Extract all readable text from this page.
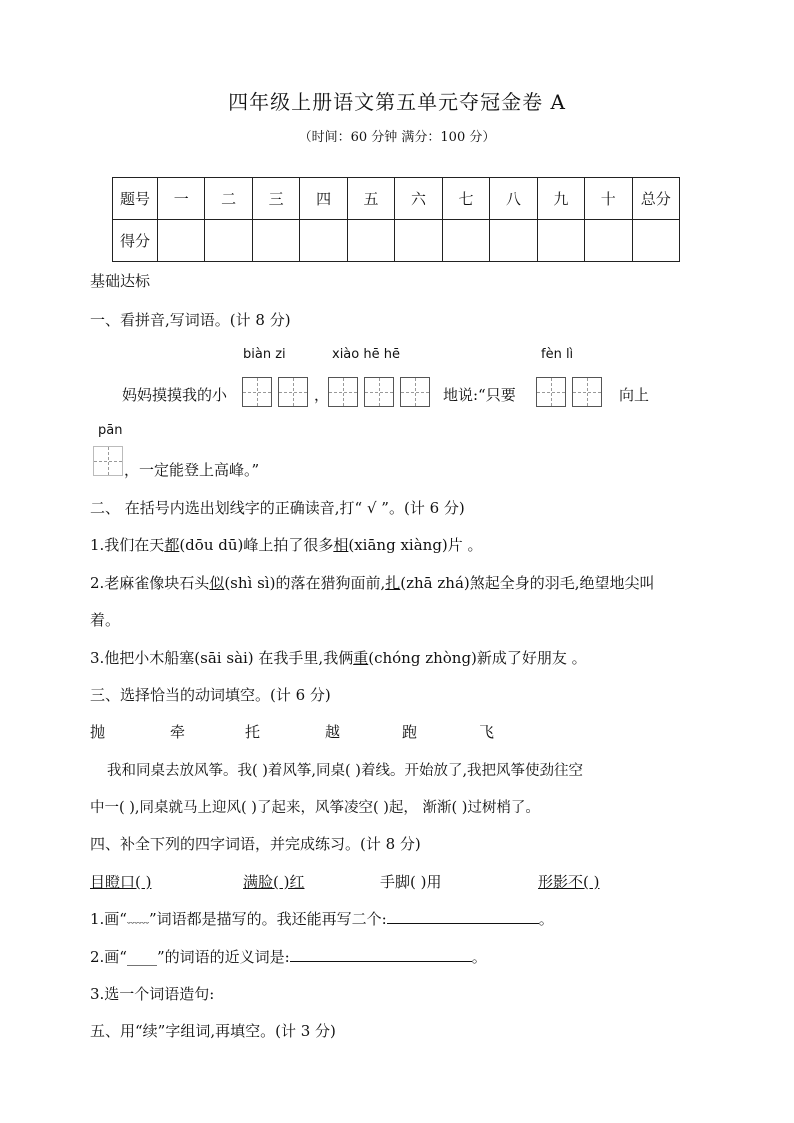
四年级上册语文第五单元夺冠金卷 A
（时间：60 分钟 满分：100 分）
题号	一	二	三	四	五	六	七	八	九	十	总分
得分											
基础达标
一、看拼音,写词语。(计 8 分)
biàn zi	xiào hē hē	fèn lì
妈妈摸摸我的小	，	地说:“只要	向上
pān
，一定能登上高峰。”
二、 在括号内选出划线字的正确读音,打“ √ ”。(计 6 分)
1.我们在天都(dōu dū)峰上拍了很多相(xiāng xiàng)片 。
2.老麻雀像块石头似(shì sì)的落在猎狗面前,扎(zhā zhá)煞起全身的羽毛,绝望地尖叫
着。
3.他把小木船塞(sāi sài) 在我手里,我俩重(chóng zhòng)新成了好朋友 。
三、选择恰当的动词填空。(计 6 分)
抛	牵	托	越	跑	飞
我和同桌去放风筝。我( )着风筝,同桌( )着线。开始放了,我把风筝使劲往空
中一( ),同桌就马上迎风( )了起来，风筝凌空( )起， 渐渐( )过树梢了。
四、补全下列的四字词语，并完成练习。(计 8 分)
目瞪口( )	满脸( )红	手脚( )用	形影不( )
1.画“﹏﹏”词语都是描写的。我还能再写二个:	。
2.画“____”的词语的近义词是:	。
3.选一个词语造句:
五、用“续”字组词,再填空。(计 3 分)
